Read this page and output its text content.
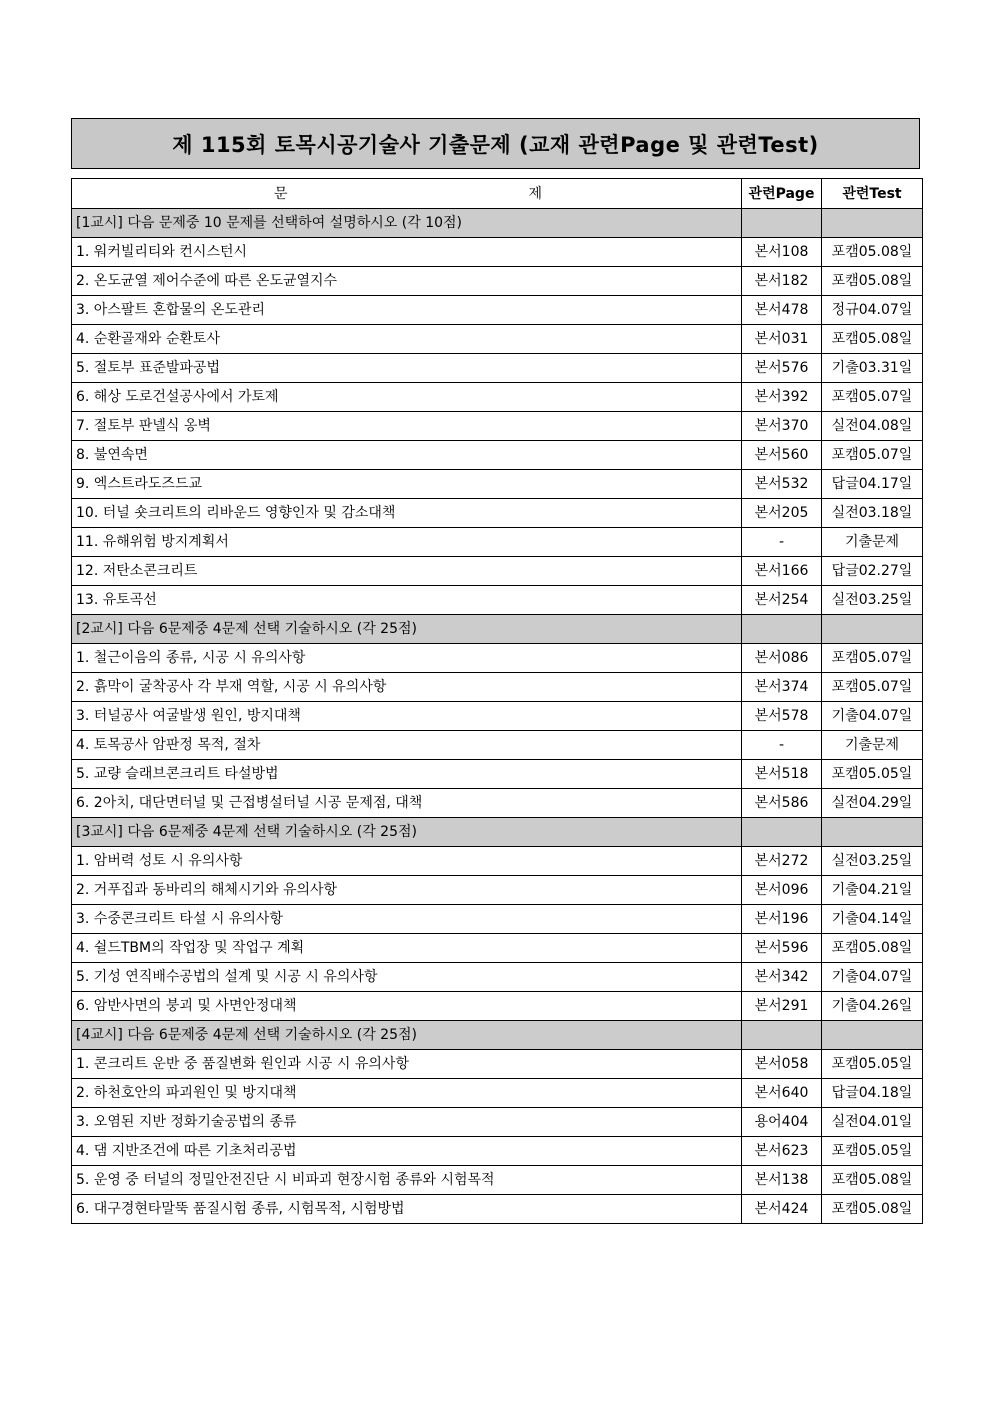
제 115회 토목시공기술사 기출문제 (교재 관련Page 및 관련Test)
문 제	관련Page	관련Test
[1교시] 다음 문제중 10 문제를 선택하여 설명하시오 (각 10점)		
1. 워커빌리티와 컨시스턴시	본서108	포캠05.08일
2. 온도균열 제어수준에 따른 온도균열지수	본서182	포캠05.08일
3. 아스팔트 혼합물의 온도관리	본서478	정규04.07일
4. 순환골재와 순환토사	본서031	포캠05.08일
5. 절토부 표준발파공법	본서576	기출03.31일
6. 해상 도로건설공사에서 가토제	본서392	포캠05.07일
7. 절토부 판넬식 옹벽	본서370	실전04.08일
8. 불연속면	본서560	포캠05.07일
9. 엑스트라도즈드교	본서532	답글04.17일
10. 터널 숏크리트의 리바운드 영향인자 및 감소대책	본서205	실전03.18일
11. 유해위험 방지계획서	-	기출문제
12. 저탄소콘크리트	본서166	답글02.27일
13. 유토곡선	본서254	실전03.25일
[2교시] 다음 6문제중 4문제 선택 기술하시오 (각 25점)		
1. 철근이음의 종류, 시공 시 유의사항	본서086	포캠05.07일
2. 흙막이 굴착공사 각 부재 역할, 시공 시 유의사항	본서374	포캠05.07일
3. 터널공사 여굴발생 원인, 방지대책	본서578	기출04.07일
4. 토목공사 암판정 목적, 절차	-	기출문제
5. 교량 슬래브콘크리트 타설방법	본서518	포캠05.05일
6. 2아치, 대단면터널 및 근접병설터널 시공 문제점, 대책	본서586	실전04.29일
[3교시] 다음 6문제중 4문제 선택 기술하시오 (각 25점)		
1. 암버력 성토 시 유의사항	본서272	실전03.25일
2. 거푸집과 동바리의 해체시기와 유의사항	본서096	기출04.21일
3. 수중콘크리트 타설 시 유의사항	본서196	기출04.14일
4. 쉴드TBM의 작업장 및 작업구 계획	본서596	포캠05.08일
5. 기성 연직배수공법의 설계 및 시공 시 유의사항	본서342	기출04.07일
6. 암반사면의 붕괴 및 사면안정대책	본서291	기출04.26일
[4교시] 다음 6문제중 4문제 선택 기술하시오 (각 25점)		
1. 콘크리트 운반 중 품질변화 원인과 시공 시 유의사항	본서058	포캠05.05일
2. 하천호안의 파괴원인 및 방지대책	본서640	답글04.18일
3. 오염된 지반 정화기술공법의 종류	용어404	실전04.01일
4. 댐 지반조건에 따른 기초처리공법	본서623	포캠05.05일
5. 운영 중 터널의 정밀안전진단 시 비파괴 현장시험 종류와 시험목적	본서138	포캠05.08일
6. 대구경현타말뚝 품질시험 종류, 시험목적, 시험방법	본서424	포캠05.08일
